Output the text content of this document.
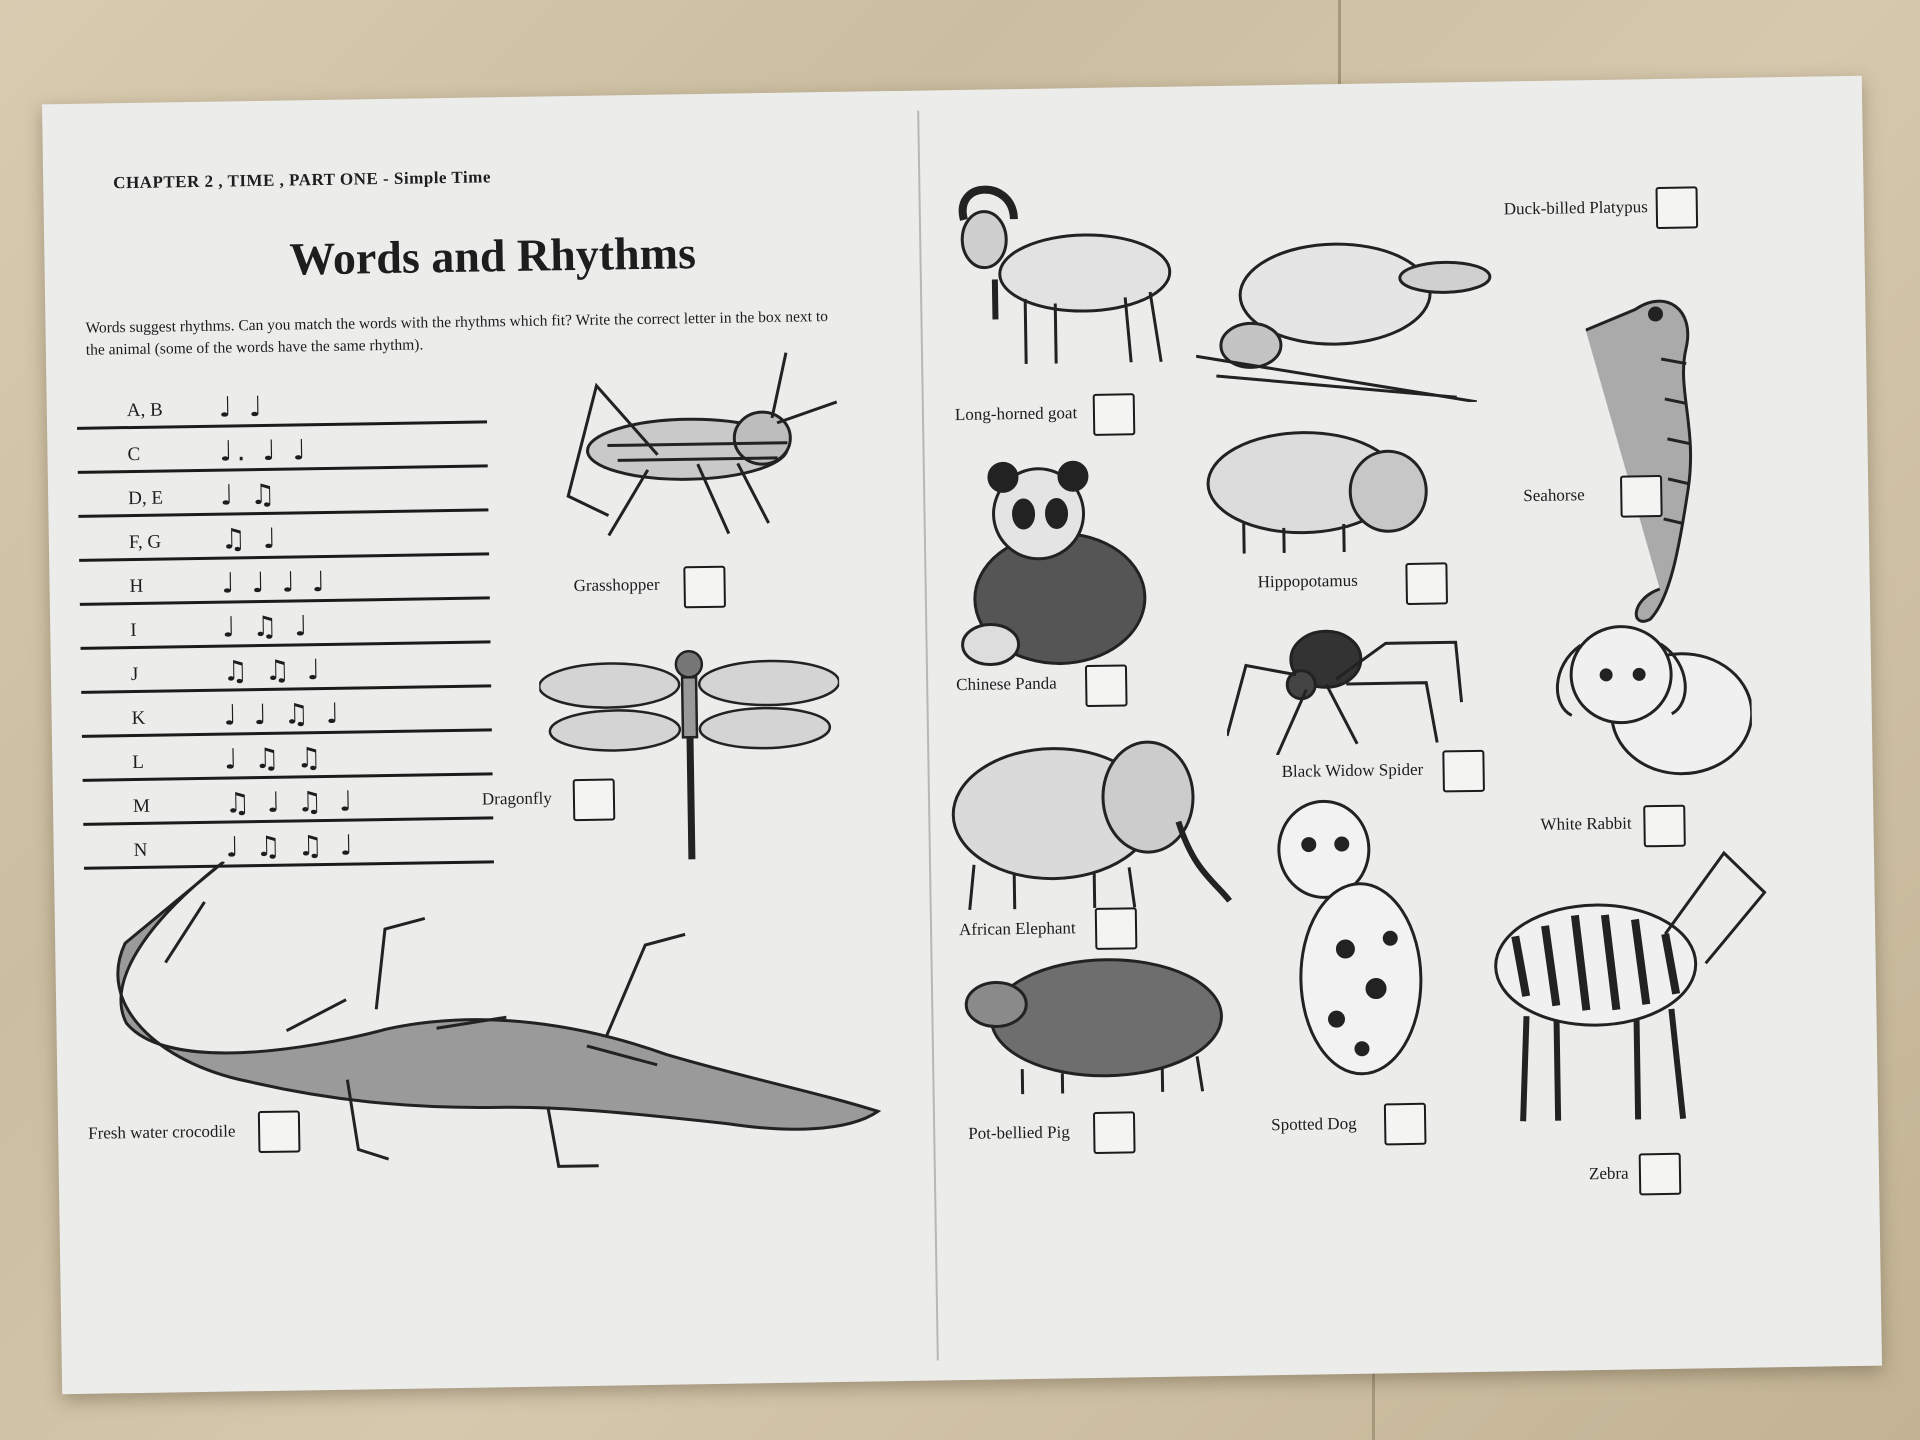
CHAPTER 2 , TIME , PART ONE - Simple Time
Words and Rhythms
Words suggest rhythms. Can you match the words with the rhythms which fit? Write the correct letter in the box next to the animal (some of the words have the same rhythm).
A, B ♩ ♩
C	♩. ♩ ♩
D, E ♩ ♫
F, G ♫ ♩
H	♩ ♩ ♩ ♩
I	♩ ♫ ♩
J	♫ ♫ ♩
K	♩ ♩ ♫ ♩
L	♩ ♫ ♫
M	♫ ♩ ♫ ♩
N	♩ ♫ ♫ ♩
Grasshopper
Dragonfly
Fresh water crocodile
Long-horned goat
Duck-billed Platypus
Seahorse
Hippopotamus
Chinese Panda
Black Widow Spider
White Rabbit
African Elephant
Spotted Dog
Pot-bellied Pig
Zebra
